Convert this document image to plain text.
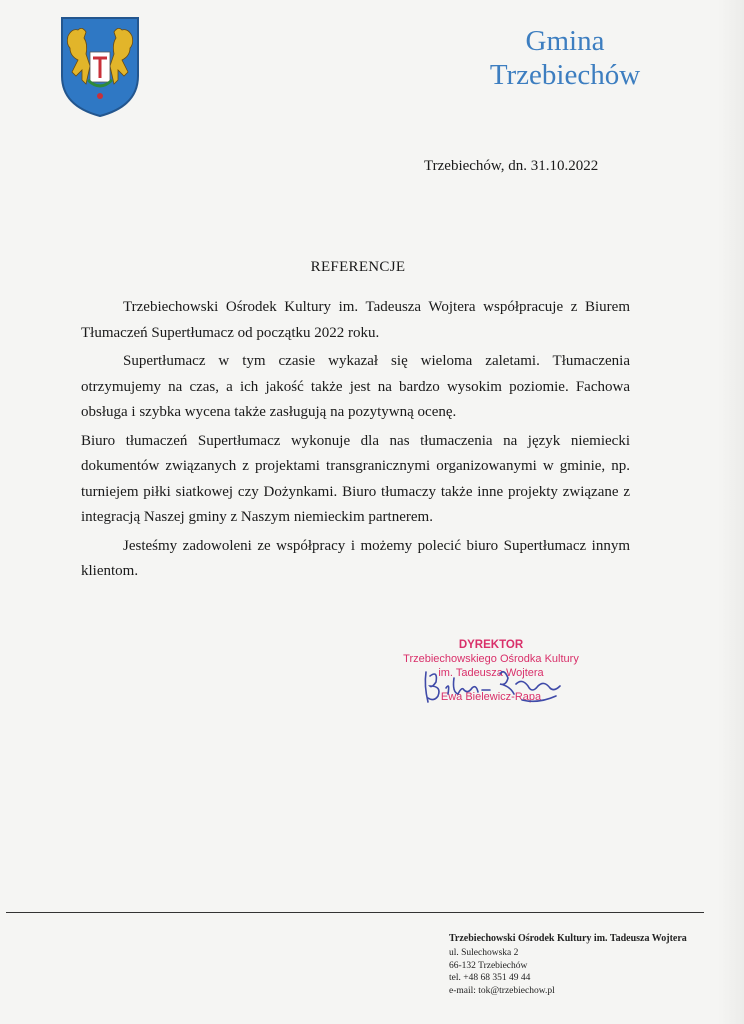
Gmina
Trzebiechów
Trzebiechów, dn. 31.10.2022
REFERENCJE

Trzebiechowski Ośrodek Kultury im. Tadeusza Wojtera współpracuje z Biurem Tłumaczeń Supertłumacz od początku 2022 roku.

Supertłumacz w tym czasie wykazał się wieloma zaletami. Tłumaczenia otrzymujemy na czas, a ich jakość także jest na bardzo wysokim poziomie. Fachowa obsługa i szybka wycena także zasługują na pozytywną ocenę.

Biuro tłumaczeń Supertłumacz wykonuje dla nas tłumaczenia na język niemiecki dokumentów związanych z projektami transgranicznymi organizowanymi w gminie, np. turniejem piłki siatkowej czy Dożynkami. Biuro tłumaczy także inne projekty związane z integracją Naszej gminy z Naszym niemieckim partnerem.

Jesteśmy zadowoleni ze współpracy i możemy polecić biuro Supertłumacz innym klientom.

DYREKTOR
Trzebiechowskiego Ośrodka Kultury
im. Tadeusza Wojtera
Ewa Bielewicz-Rapa
Trzebiechowski Ośrodek Kultury im. Tadeusza Wojtera
ul. Sulechowska 2
66-132 Trzebiechów
tel. +48 68 351 49 44
e-mail: tok@trzebiechow.pl
